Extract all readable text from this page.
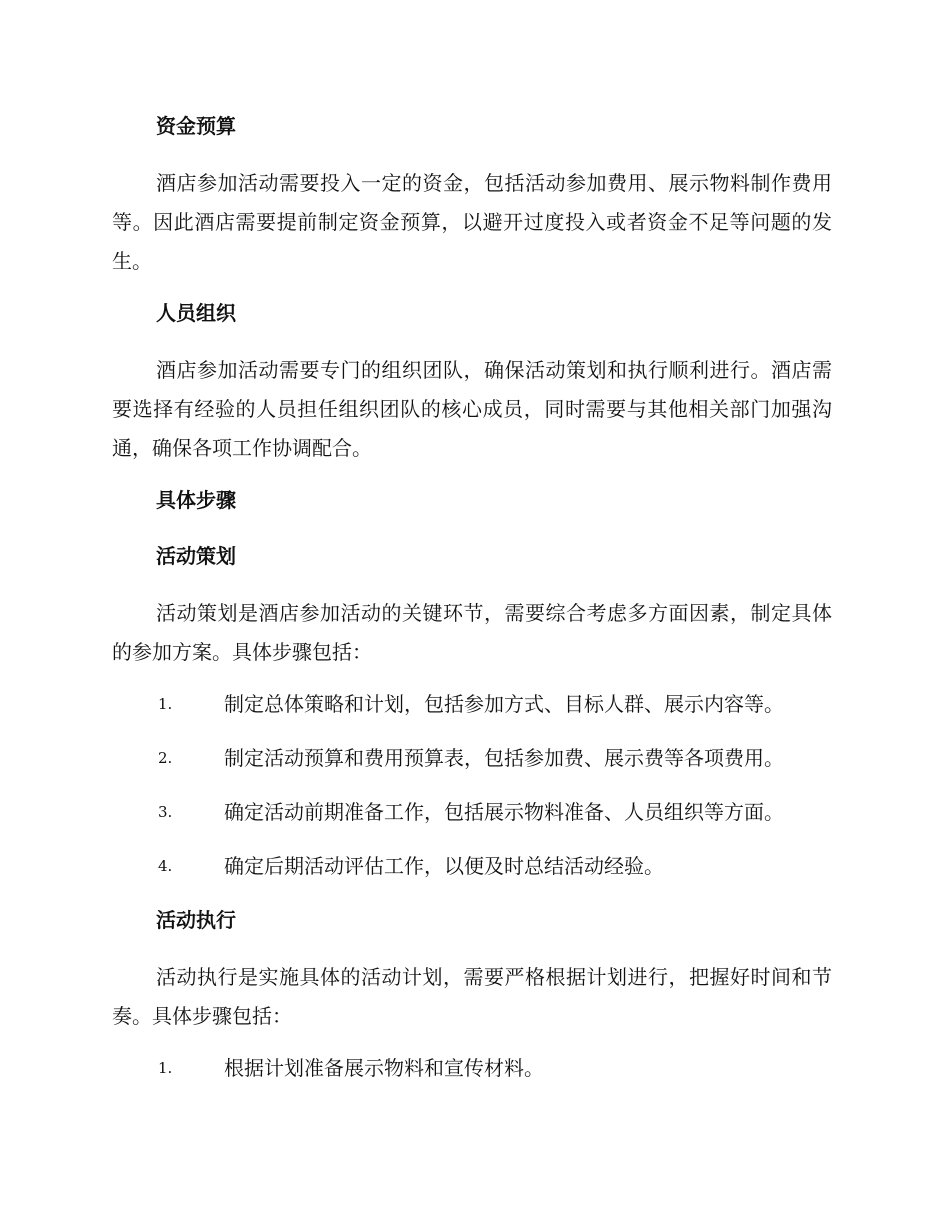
资金预算

酒店参加活动需要投入一定的资金，包括活动参加费用、展示物料制作费用等。因此酒店需要提前制定资金预算，以避开过度投入或者资金不足等问题的发生。

人员组织

酒店参加活动需要专门的组织团队，确保活动策划和执行顺利进行。酒店需要选择有经验的人员担任组织团队的核心成员，同时需要与其他相关部门加强沟通，确保各项工作协调配合。

具体步骤
活动策划

活动策划是酒店参加活动的关键环节，需要综合考虑多方面因素，制定具体的参加方案。具体步骤包括：

1.	制定总体策略和计划，包括参加方式、目标人群、展示内容等。
2.	制定活动预算和费用预算表，包括参加费、展示费等各项费用。
3.	确定活动前期准备工作，包括展示物料准备、人员组织等方面。
4.	确定后期活动评估工作，以便及时总结活动经验。
活动执行

活动执行是实施具体的活动计划，需要严格根据计划进行，把握好时间和节奏。具体步骤包括：

1.	根据计划准备展示物料和宣传材料。
